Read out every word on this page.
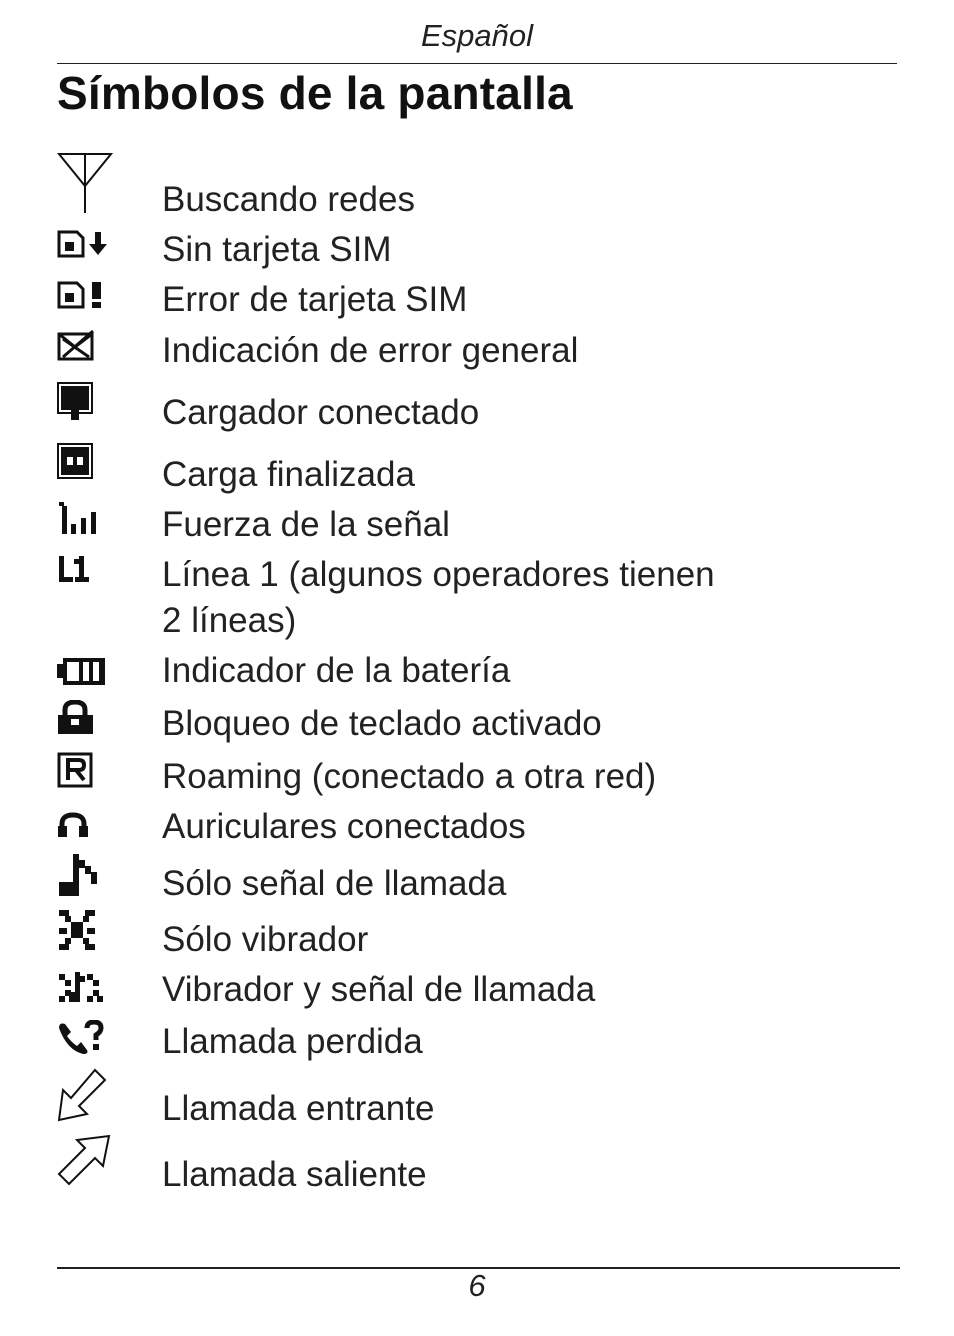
Español
Símbolos de la pantalla
Buscando redes
Sin tarjeta SIM
Error de tarjeta SIM
Indicación de error general
Cargador conectado
Carga finalizada
Fuerza de la señal
Línea 1 (algunos operadores tienen
2 líneas)
Indicador de la batería
Bloqueo de teclado activado
Roaming (conectado a otra red)
Auriculares conectados
Sólo señal de llamada
Sólo vibrador
Vibrador y señal de llamada
Llamada perdida
Llamada entrante
Llamada saliente
6
